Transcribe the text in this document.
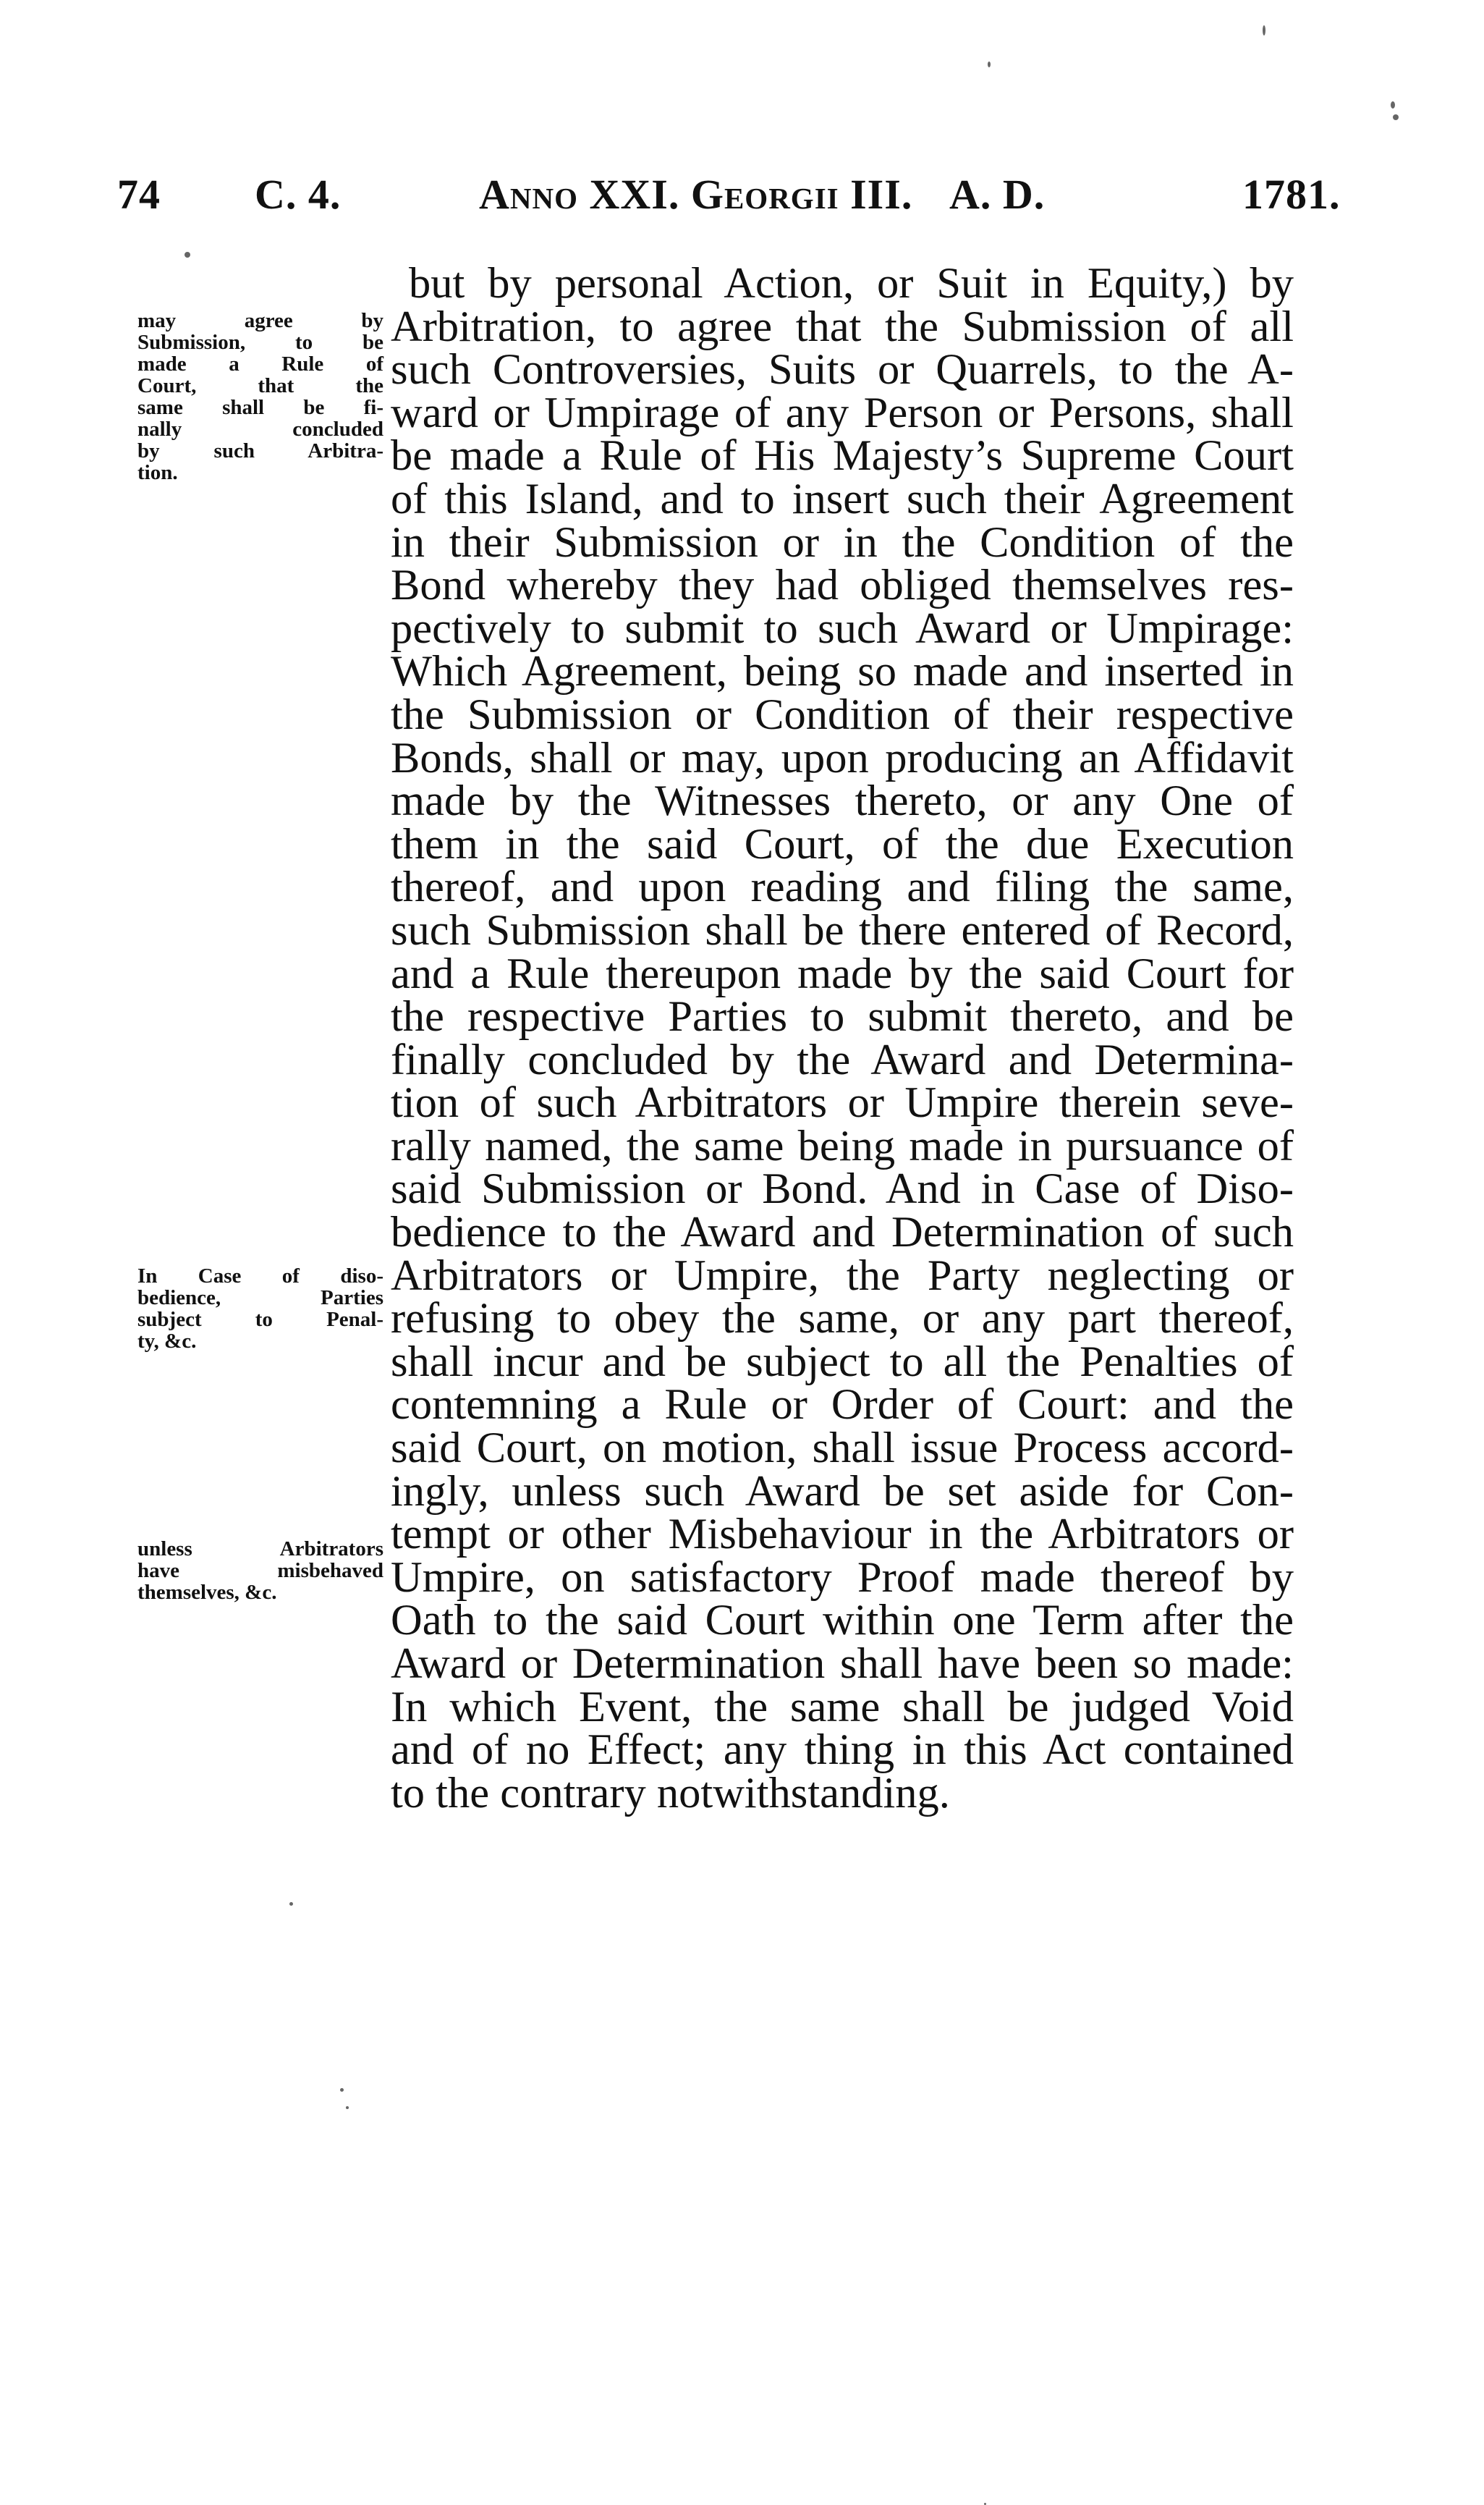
74 C. 4.	Anno XXI. Georgii III. A. D.	1781.
may agree by
Submission, to be
made a Rule of
Court, that the
same shall be fi-
nally concluded
by such Arbitra-
tion.
In Case of diso-
bedience, Parties
subject to Penal-
ty, &c.
unless Arbitrators
have misbehaved
themselves, &c.
but by personal Action, or Suit in Equity,) by
Arbitration, to agree that the Submission of all
such Controversies, Suits or Quarrels, to the A-
ward or Umpirage of any Person or Persons, shall
be made a Rule of His Majesty’s Supreme Court
of this Island, and to insert such their Agreement
in their Submission or in the Condition of the
Bond whereby they had obliged themselves res-
pectively to submit to such Award or Umpirage:
Which Agreement, being so made and inserted in
the Submission or Condition of their respective
Bonds, shall or may, upon producing an Affidavit
made by the Witnesses thereto, or any One of
them in the said Court, of the due Execution
thereof, and upon reading and filing the same,
such Submission shall be there entered of Record,
and a Rule thereupon made by the said Court for
the respective Parties to submit thereto, and be
finally concluded by the Award and Determina-
tion of such Arbitrators or Umpire therein seve-
rally named, the same being made in pursuance of
said Submission or Bond. And in Case of Diso-
bedience to the Award and Determination of such
Arbitrators or Umpire, the Party neglecting or
refusing to obey the same, or any part thereof,
shall incur and be subject to all the Penalties of
contemning a Rule or Order of Court: and the
said Court, on motion, shall issue Process accord-
ingly, unless such Award be set aside for Con-
tempt or other Misbehaviour in the Arbitrators or
Umpire, on satisfactory Proof made thereof by
Oath to the said Court within one Term after the
Award or Determination shall have been so made:
In which Event, the same shall be judged Void
and of no Effect; any thing in this Act contained
to the contrary notwithstanding.
